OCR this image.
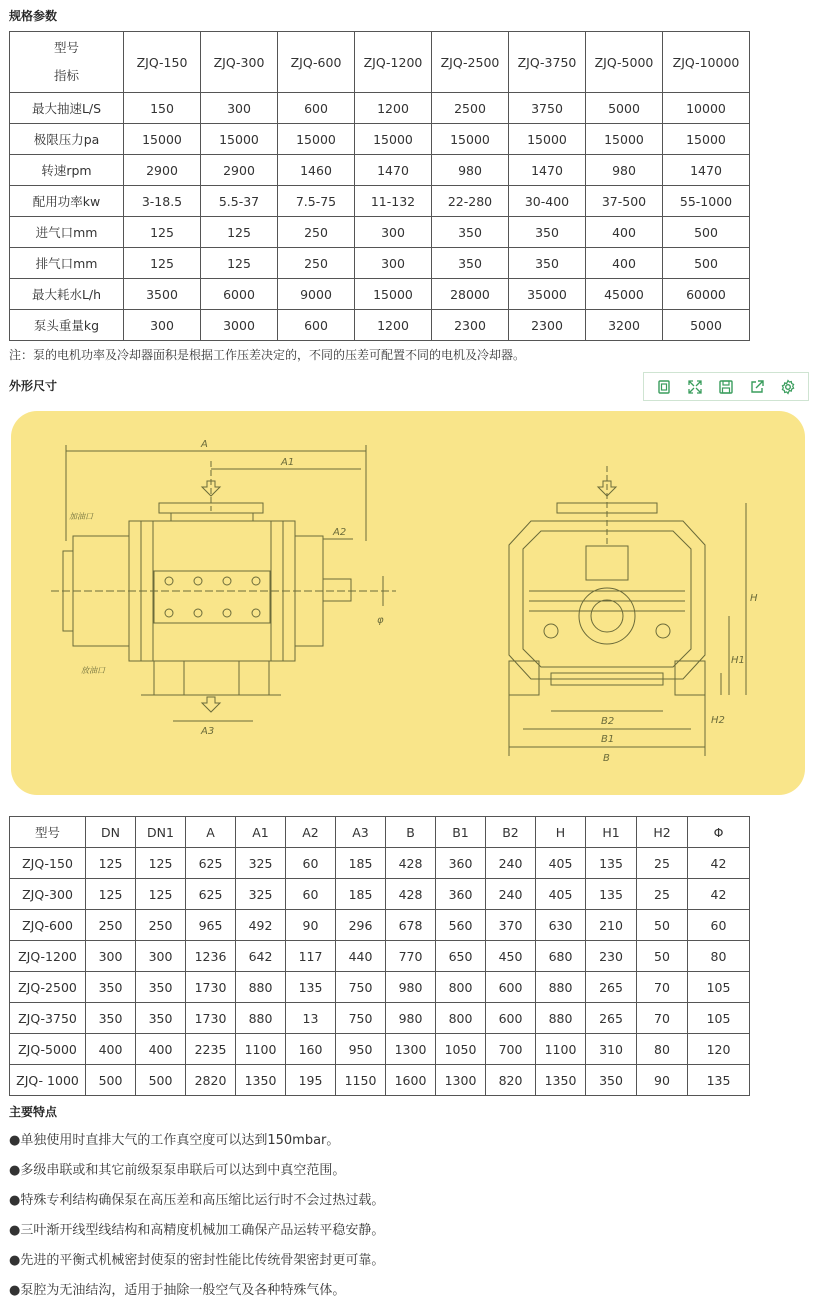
规格参数
型号
指标	ZJQ-150	ZJQ-300	ZJQ-600	ZJQ-1200	ZJQ-2500	ZJQ-3750	ZJQ-5000	ZJQ-10000
最大抽速L/S	150	300	600	1200	2500	3750	5000	10000
极限压力pa	15000	15000	15000	15000	15000	15000	15000	15000
转速rpm	2900	2900	1460	1470	980	1470	980	1470
配用功率kw	3-18.5	5.5-37	7.5-75	11-132	22-280	30-400	37-500	55-1000
进气口mm	125	125	250	300	350	350	400	500
排气口mm	125	125	250	300	350	350	400	500
最大耗水L/h	3500	6000	9000	15000	28000	35000	45000	60000
泵头重量kg	300	3000	600	1200	2300	2300	3200	5000
注：泵的电机功率及冷却器面积是根据工作压差决定的，不同的压差可配置不同的电机及冷却器。
外形尺寸
A
A1
A2
A3
φ
加油口
放油口
B2
B1
B
H
H1
H2
型号	DN	DN1	A	A1	A2	A3	B	B1	B2	H	H1	H2	Φ
ZJQ-150	125	125	625	325	60	185	428	360	240	405	135	25	42
ZJQ-300	125	125	625	325	60	185	428	360	240	405	135	25	42
ZJQ-600	250	250	965	492	90	296	678	560	370	630	210	50	60
ZJQ-1200	300	300	1236	642	117	440	770	650	450	680	230	50	80
ZJQ-2500	350	350	1730	880	135	750	980	800	600	880	265	70	105
ZJQ-3750	350	350	1730	880	13	750	980	800	600	880	265	70	105
ZJQ-5000	400	400	2235	1100	160	950	1300	1050	700	1100	310	80	120
ZJQ- 1000	500	500	2820	1350	195	1150	1600	1300	820	1350	350	90	135
主要特点
●单独使用时直排大气的工作真空度可以达到150mbar。
●多级串联或和其它前级泵泵串联后可以达到中真空范围。
●特殊专利结构确保泵在高压差和高压缩比运行时不会过热过载。
●三叶渐开线型线结构和高精度机械加工确保产品运转平稳安静。
●先进的平衡式机械密封使泵的密封性能比传统骨架密封更可靠。
●泵腔为无油结沟，适用于抽除一般空气及各种特殊气体。
